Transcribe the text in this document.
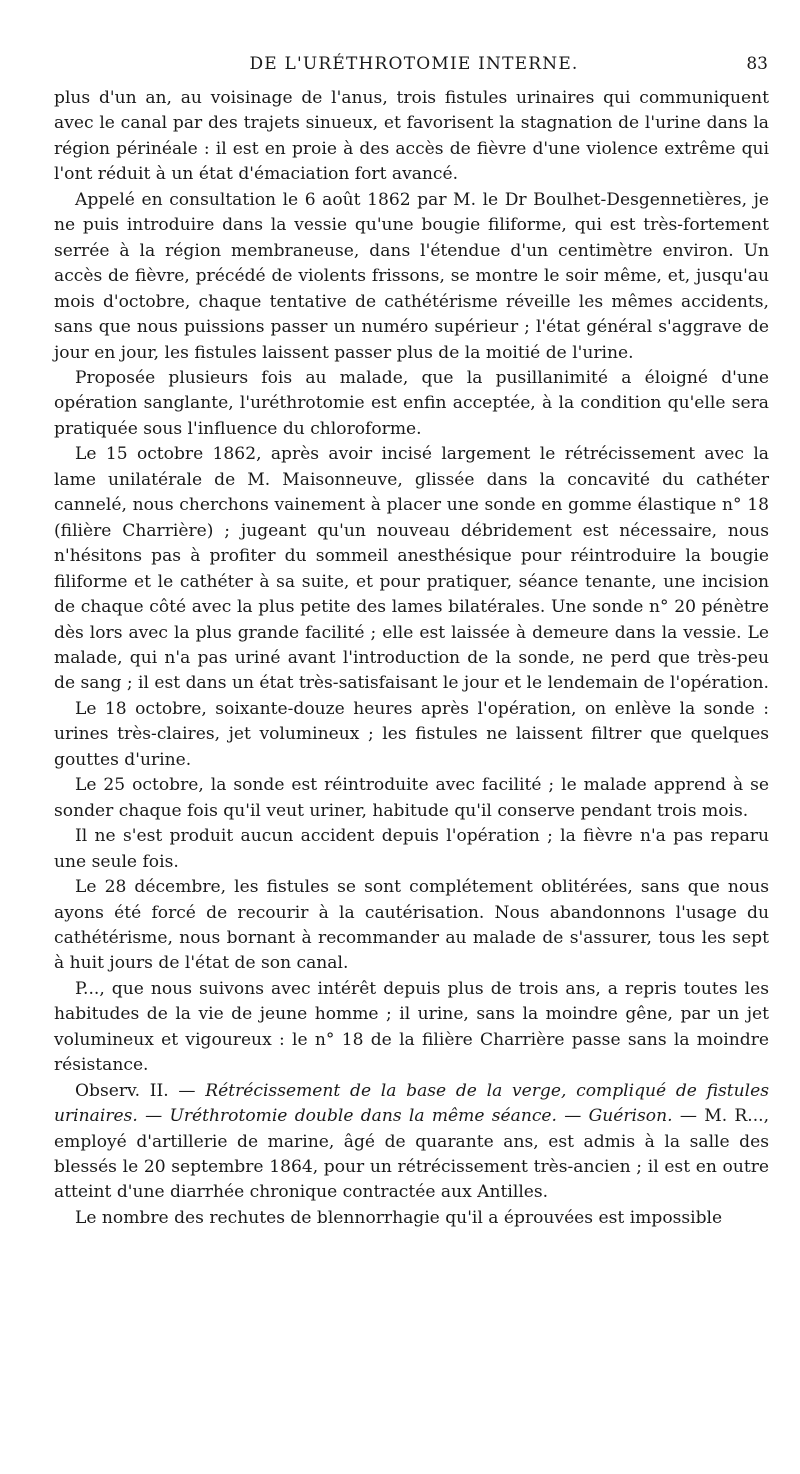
DE L'URÉTHROTOMIE INTERNE.	83

plus d'un an, au voisinage de l'anus, trois fistules urinaires qui communiquent avec le canal par des trajets sinueux, et favorisent la stagnation de l'urine dans la région périnéale : il est en proie à des accès de fièvre d'une violence extrême qui l'ont réduit à un état d'émaciation fort avancé.

Appelé en consultation le 6 août 1862 par M. le Dr Boulhet-Desgennetières, je ne puis introduire dans la vessie qu'une bougie filiforme, qui est très-fortement serrée à la région membraneuse, dans l'étendue d'un centimètre environ. Un accès de fièvre, précédé de violents frissons, se montre le soir même, et, jusqu'au mois d'octobre, chaque tentative de cathétérisme réveille les mêmes accidents, sans que nous puissions passer un numéro supérieur ; l'état général s'aggrave de jour en jour, les fistules laissent passer plus de la moitié de l'urine.

Proposée plusieurs fois au malade, que la pusillanimité a éloigné d'une opération sanglante, l'uréthrotomie est enfin acceptée, à la condition qu'elle sera pratiquée sous l'influence du chloroforme.

Le 15 octobre 1862, après avoir incisé largement le rétrécissement avec la lame unilatérale de M. Maisonneuve, glissée dans la concavité du cathéter cannelé, nous cherchons vainement à placer une sonde en gomme élastique n° 18 (filière Charrière) ; jugeant qu'un nouveau débridement est nécessaire, nous n'hésitons pas à profiter du sommeil anesthésique pour réintroduire la bougie filiforme et le cathéter à sa suite, et pour pratiquer, séance tenante, une incision de chaque côté avec la plus petite des lames bilatérales. Une sonde n° 20 pénètre dès lors avec la plus grande facilité ; elle est laissée à demeure dans la vessie. Le malade, qui n'a pas uriné avant l'introduction de la sonde, ne perd que très-peu de sang ; il est dans un état très-satisfaisant le jour et le lendemain de l'opération.

Le 18 octobre, soixante-douze heures après l'opération, on enlève la sonde : urines très-claires, jet volumineux ; les fistules ne laissent filtrer que quelques gouttes d'urine.

Le 25 octobre, la sonde est réintroduite avec facilité ; le malade apprend à se sonder chaque fois qu'il veut uriner, habitude qu'il conserve pendant trois mois.

Il ne s'est produit aucun accident depuis l'opération ; la fièvre n'a pas reparu une seule fois.

Le 28 décembre, les fistules se sont complétement oblitérées, sans que nous ayons été forcé de recourir à la cautérisation. Nous abandonnons l'usage du cathétérisme, nous bornant à recommander au malade de s'assurer, tous les sept à huit jours de l'état de son canal.

P..., que nous suivons avec intérêt depuis plus de trois ans, a repris toutes les habitudes de la vie de jeune homme ; il urine, sans la moindre gêne, par un jet volumineux et vigoureux : le n° 18 de la filière Charrière passe sans la moindre résistance.

Observ. II. — Rétrécissement de la base de la verge, compliqué de fistules urinaires. — Uréthrotomie double dans la même séance. — Guérison. — M. R..., employé d'artillerie de marine, âgé de quarante ans, est admis à la salle des blessés le 20 septembre 1864, pour un rétrécissement très-ancien ; il est en outre atteint d'une diarrhée chronique contractée aux Antilles.

Le nombre des rechutes de blennorrhagie qu'il a éprouvées est impossible
